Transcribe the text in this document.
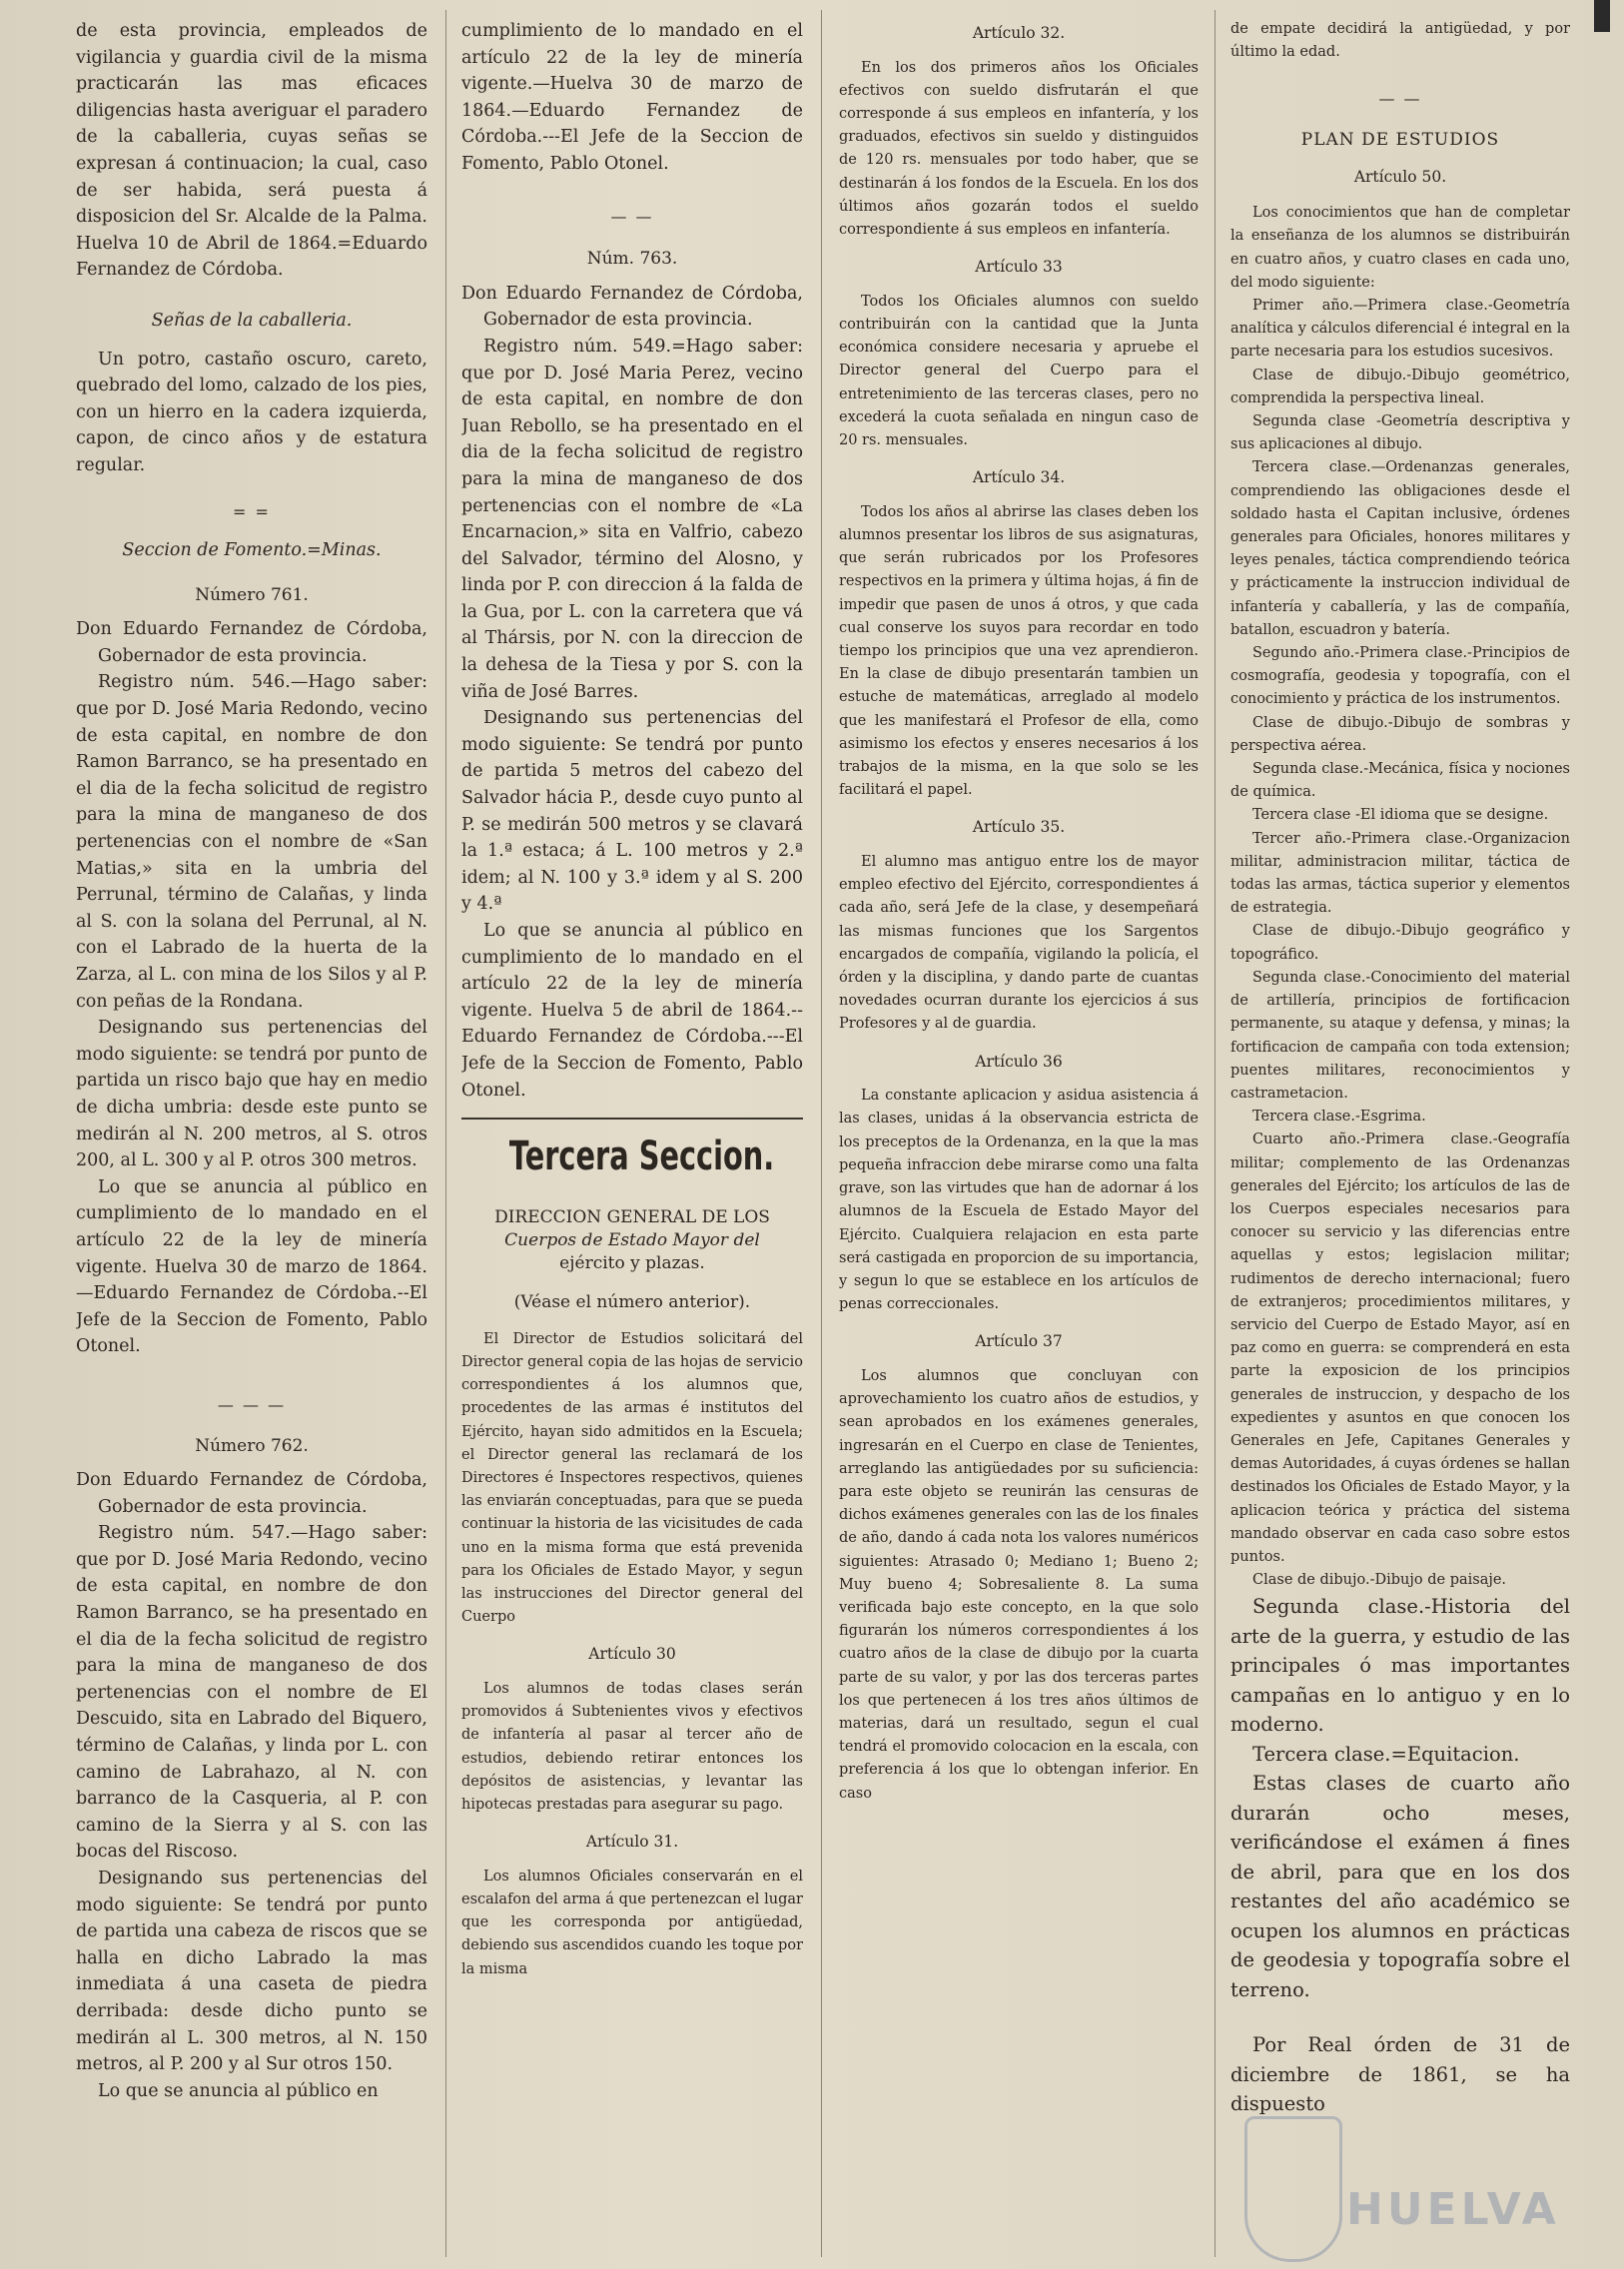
de esta provincia, empleados de vigilancia y guardia civil de la misma practicarán las mas eficaces diligencias hasta averiguar el paradero de la caballeria, cuyas señas se expresan á continuacion; la cual, caso de ser habida, será puesta á disposicion del Sr. Alcalde de la Palma. Huelva 10 de Abril de 1864.=Eduardo Fernandez de Córdoba.

Señas de la caballeria.

Un potro, castaño oscuro, careto, quebrado del lomo, calzado de los pies, con un hierro en la cadera izquierda, capon, de cinco años y de estatura regular.

= =

Seccion de Fomento.=Minas.

Número 761.

Don Eduardo Fernandez de Córdoba, Gobernador de esta provincia.

Registro núm. 546.—Hago saber: que por D. José Maria Redondo, vecino de esta capital, en nombre de don Ramon Barranco, se ha presentado en el dia de la fecha solicitud de registro para la mina de manganeso de dos pertenencias con el nombre de «San Matias,» sita en la umbria del Perrunal, término de Calañas, y linda al S. con la solana del Perrunal, al N. con el Labrado de la huerta de la Zarza, al L. con mina de los Silos y al P. con peñas de la Rondana.

Designando sus pertenencias del modo siguiente: se tendrá por punto de partida un risco bajo que hay en medio de dicha umbria: desde este punto se medirán al N. 200 metros, al S. otros 200, al L. 300 y al P. otros 300 metros.

Lo que se anuncia al público en cumplimiento de lo mandado en el artículo 22 de la ley de minería vigente. Huelva 30 de marzo de 1864.—Eduardo Fernandez de Córdoba.--El Jefe de la Seccion de Fomento, Pablo Otonel.

— — —

Número 762.

Don Eduardo Fernandez de Córdoba, Gobernador de esta provincia.

Registro núm. 547.—Hago saber: que por D. José Maria Redondo, vecino de esta capital, en nombre de don Ramon Barranco, se ha presentado en el dia de la fecha solicitud de registro para la mina de manganeso de dos pertenencias con el nombre de El Descuido, sita en Labrado del Biquero, término de Calañas, y linda por L. con camino de Labrahazo, al N. con barranco de la Casqueria, al P. con camino de la Sierra y al S. con las bocas del Riscoso.

Designando sus pertenencias del modo siguiente: Se tendrá por punto de partida una cabeza de riscos que se halla en dicho Labrado la mas inmediata á una caseta de piedra derribada: desde dicho punto se medirán al L. 300 metros, al N. 150 metros, al P. 200 y al Sur otros 150.

Lo que se anuncia al público en

cumplimiento de lo mandado en el artículo 22 de la ley de minería vigente.—Huelva 30 de marzo de 1864.—Eduardo Fernandez de Córdoba.---El Jefe de la Seccion de Fomento, Pablo Otonel.

— —

Núm. 763.

Don Eduardo Fernandez de Córdoba, Gobernador de esta provincia.

Registro núm. 549.=Hago saber: que por D. José Maria Perez, vecino de esta capital, en nombre de don Juan Rebollo, se ha presentado en el dia de la fecha solicitud de registro para la mina de manganeso de dos pertenencias con el nombre de «La Encarnacion,» sita en Valfrio, cabezo del Salvador, término del Alosno, y linda por P. con direccion á la falda de la Gua, por L. con la carretera que vá al Thársis, por N. con la direccion de la dehesa de la Tiesa y por S. con la viña de José Barres.

Designando sus pertenencias del modo siguiente: Se tendrá por punto de partida 5 metros del cabezo del Salvador hácia P., desde cuyo punto al P. se medirán 500 metros y se clavará la 1.ª estaca; á L. 100 metros y 2.ª idem; al N. 100 y 3.ª idem y al S. 200 y 4.ª

Lo que se anuncia al público en cumplimiento de lo mandado en el artículo 22 de la ley de minería vigente. Huelva 5 de abril de 1864.--Eduardo Fernandez de Córdoba.---El Jefe de la Seccion de Fomento, Pablo Otonel.

Tercera Seccion.

DIRECCION GENERAL DE LOS

Cuerpos de Estado Mayor del

ejército y plazas.

(Véase el número anterior).

El Director de Estudios solicitará del Director general copia de las hojas de servicio correspondientes á los alumnos que, procedentes de las armas é institutos del Ejército, hayan sido admitidos en la Escuela; el Director general las reclamará de los Directores é Inspectores respectivos, quienes las enviarán conceptuadas, para que se pueda continuar la historia de las vicisitudes de cada uno en la misma forma que está prevenida para los Oficiales de Estado Mayor, y segun las instrucciones del Director general del Cuerpo

Artículo 30

Los alumnos de todas clases serán promovidos á Subtenientes vivos y efectivos de infantería al pasar al tercer año de estudios, debiendo retirar entonces los depósitos de asistencias, y levantar las hipotecas prestadas para asegurar su pago.

Artículo 31.

Los alumnos Oficiales conservarán en el escalafon del arma á que pertenezcan el lugar que les corresponda por antigüedad, debiendo sus ascendidos cuando les toque por la misma

Artículo 32.

En los dos primeros años los Oficiales efectivos con sueldo disfrutarán el que corresponde á sus empleos en infantería, y los graduados, efectivos sin sueldo y distinguidos de 120 rs. mensuales por todo haber, que se destinarán á los fondos de la Escuela. En los dos últimos años gozarán todos el sueldo correspondiente á sus empleos en infantería.

Artículo 33

Todos los Oficiales alumnos con sueldo contribuirán con la cantidad que la Junta económica considere necesaria y apruebe el Director general del Cuerpo para el entretenimiento de las terceras clases, pero no excederá la cuota señalada en ningun caso de 20 rs. mensuales.

Artículo 34.

Todos los años al abrirse las clases deben los alumnos presentar los libros de sus asignaturas, que serán rubricados por los Profesores respectivos en la primera y última hojas, á fin de impedir que pasen de unos á otros, y que cada cual conserve los suyos para recordar en todo tiempo los principios que una vez aprendieron. En la clase de dibujo presentarán tambien un estuche de matemáticas, arreglado al modelo que les manifestará el Profesor de ella, como asimismo los efectos y enseres necesarios á los trabajos de la misma, en la que solo se les facilitará el papel.

Artículo 35.

El alumno mas antiguo entre los de mayor empleo efectivo del Ejército, correspondientes á cada año, será Jefe de la clase, y desempeñará las mismas funciones que los Sargentos encargados de compañía, vigilando la policía, el órden y la disciplina, y dando parte de cuantas novedades ocurran durante los ejercicios á sus Profesores y al de guardia.

Artículo 36

La constante aplicacion y asidua asistencia á las clases, unidas á la observancia estricta de los preceptos de la Ordenanza, en la que la mas pequeña infraccion debe mirarse como una falta grave, son las virtudes que han de adornar á los alumnos de la Escuela de Estado Mayor del Ejército. Cualquiera relajacion en esta parte será castigada en proporcion de su importancia, y segun lo que se establece en los artículos de penas correccionales.

Artículo 37

Los alumnos que concluyan con aprovechamiento los cuatro años de estudios, y sean aprobados en los exámenes generales, ingresarán en el Cuerpo en clase de Tenientes, arreglando las antigüedades por su suficiencia: para este objeto se reunirán las censuras de dichos exámenes generales con las de los finales de año, dando á cada nota los valores numéricos siguientes: Atrasado 0; Mediano 1; Bueno 2; Muy bueno 4; Sobresaliente 8. La suma verificada bajo este concepto, en la que solo figurarán los números correspondientes á los cuatro años de la clase de dibujo por la cuarta parte de su valor, y por las dos terceras partes los que pertenecen á los tres años últimos de materias, dará un resultado, segun el cual tendrá el promovido colocacion en la escala, con preferencia á los que lo obtengan inferior. En caso

de empate decidirá la antigüedad, y por último la edad.

— —

PLAN DE ESTUDIOS

Artículo 50.

Los conocimientos que han de completar la enseñanza de los alumnos se distribuirán en cuatro años, y cuatro clases en cada uno, del modo siguiente:

Primer año.—Primera clase.-Geometría analítica y cálculos diferencial é integral en la parte necesaria para los estudios sucesivos.

Clase de dibujo.-Dibujo geométrico, comprendida la perspectiva lineal.

Segunda clase -Geometría descriptiva y sus aplicaciones al dibujo.

Tercera clase.—Ordenanzas generales, comprendiendo las obligaciones desde el soldado hasta el Capitan inclusive, órdenes generales para Oficiales, honores militares y leyes penales, táctica comprendiendo teórica y prácticamente la instruccion individual de infantería y caballería, y las de compañía, batallon, escuadron y batería.

Segundo año.-Primera clase.-Principios de cosmografía, geodesia y topografía, con el conocimiento y práctica de los instrumentos.

Clase de dibujo.-Dibujo de sombras y perspectiva aérea.

Segunda clase.-Mecánica, física y nociones de química.

Tercera clase -El idioma que se designe.

Tercer año.-Primera clase.-Organizacion militar, administracion militar, táctica de todas las armas, táctica superior y elementos de estrategia.

Clase de dibujo.-Dibujo geográfico y topográfico.

Segunda clase.-Conocimiento del material de artillería, principios de fortificacion permanente, su ataque y defensa, y minas; la fortificacion de campaña con toda extension; puentes militares, reconocimientos y castrametacion.

Tercera clase.-Esgrima.

Cuarto año.-Primera clase.-Geografía militar; complemento de las Ordenanzas generales del Ejército; los artículos de las de los Cuerpos especiales necesarios para conocer su servicio y las diferencias entre aquellas y estos; legislacion militar; rudimentos de derecho internacional; fuero de extranjeros; procedimientos militares, y servicio del Cuerpo de Estado Mayor, así en paz como en guerra: se comprenderá en esta parte la exposicion de los principios generales de instruccion, y despacho de los expedientes y asuntos en que conocen los Generales en Jefe, Capitanes Generales y demas Autoridades, á cuyas órdenes se hallan destinados los Oficiales de Estado Mayor, y la aplicacion teórica y práctica del sistema mandado observar en cada caso sobre estos puntos.

Clase de dibujo.-Dibujo de paisaje.

Segunda clase.-Historia del arte de la guerra, y estudio de las principales ó mas importantes campañas en lo antiguo y en lo moderno.

Tercera clase.=Equitacion.

Estas clases de cuarto año durarán ocho meses, verificándose el exámen á fines de abril, para que en los dos restantes del año académico se ocupen los alumnos en prácticas de geodesia y topografía sobre el terreno.

Por Real órden de 31 de diciembre de 1861, se ha dispuesto

HUELVA
